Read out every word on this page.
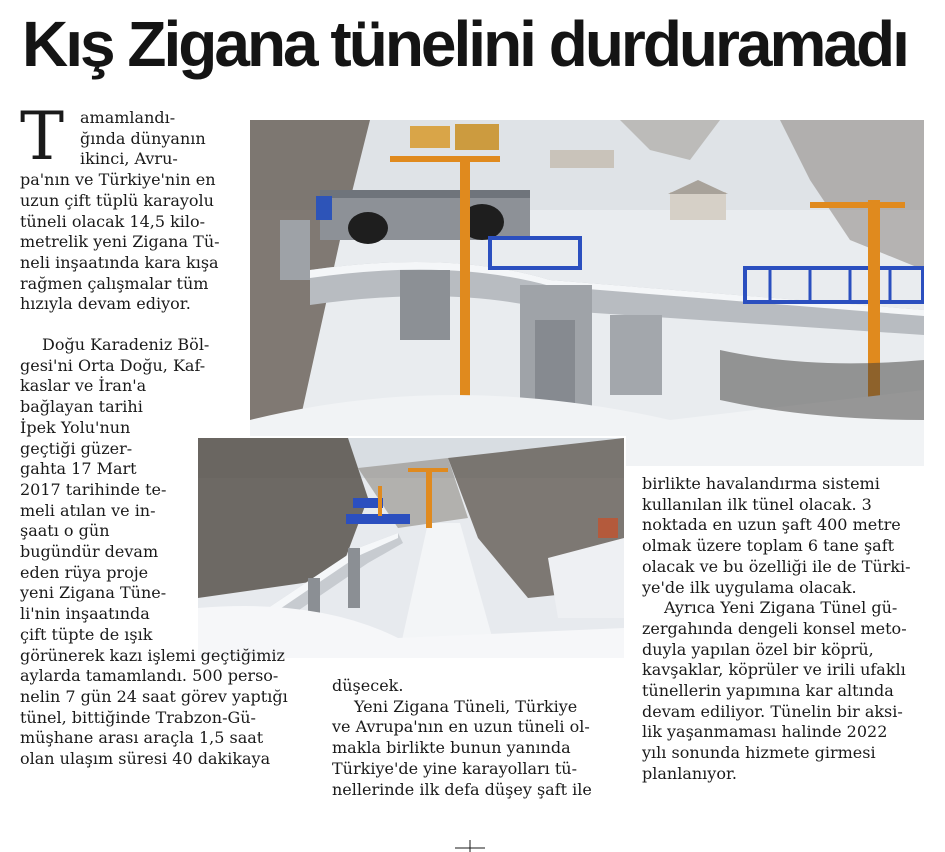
Kış Zigana tünelini durduramadı
T amamlandı-
ğında dünyanın
ikinci, Avru-
pa'nın ve Türkiye'nin en
uzun çift tüplü karayolu
tüneli olacak 14,5 kilo-
metrelik yeni Zigana Tü-
neli inşaatında kara kışa
rağmen çalışmalar tüm
hızıyla devam ediyor.
Doğu Karadeniz Böl-
gesi'ni Orta Doğu, Kaf-
kaslar ve İran'a
bağlayan tarihi
İpek Yolu'nun
geçtiği güzer-
gahta 17 Mart
2017 tarihinde te-
meli atılan ve in-
şaatı o gün
bugündür devam
eden rüya proje
yeni Zigana Tüne-
li'nin inşaatında
çift tüpte de ışık
görünerek kazı işlemi geçtiğimiz
aylarda tamamlandı. 500 perso-
nelin 7 gün 24 saat görev yaptığı
tünel, bittiğinde Trabzon-Gü-
müşhane arası araçla 1,5 saat
olan ulaşım süresi 40 dakikaya
düşecek.
Yeni Zigana Tüneli, Türkiye
ve Avrupa'nın en uzun tüneli ol-
makla birlikte bunun yanında
Türkiye'de yine karayolları tü-
nellerinde ilk defa düşey şaft ile
birlikte havalandırma sistemi
kullanılan ilk tünel olacak. 3
noktada en uzun şaft 400 metre
olmak üzere toplam 6 tane şaft
olacak ve bu özelliği ile de Türki-
ye'de ilk uygulama olacak.
Ayrıca Yeni Zigana Tünel gü-
zergahında dengeli konsel meto-
duyla yapılan özel bir köprü,
kavşaklar, köprüler ve irili ufaklı
tünellerin yapımına kar altında
devam ediliyor. Tünelin bir aksi-
lik yaşanmaması halinde 2022
yılı sonunda hizmete girmesi
planlanıyor.
